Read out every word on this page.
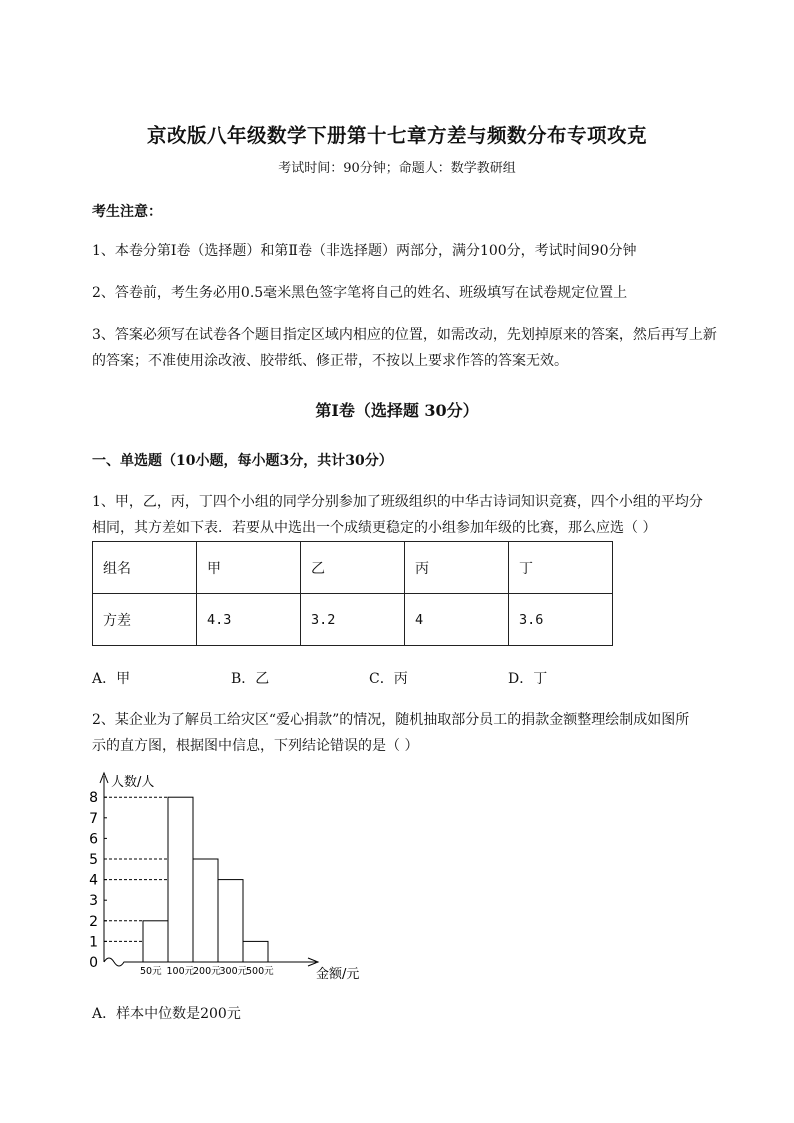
京改版八年级数学下册第十七章方差与频数分布专项攻克
考试时间：90分钟；命题人：数学教研组
考生注意：
1、本卷分第I卷（选择题）和第Ⅱ卷（非选择题）两部分，满分100分，考试时间90分钟
2、答卷前，考生务必用0.5毫米黑色签字笔将自己的姓名、班级填写在试卷规定位置上
3、答案必须写在试卷各个题目指定区域内相应的位置，如需改动，先划掉原来的答案，然后再写上新
的答案；不准使用涂改液、胶带纸、修正带，不按以上要求作答的答案无效。
第I卷（选择题 30分）
一、单选题（10小题，每小题3分，共计30分）
1、甲，乙，丙，丁四个小组的同学分别参加了班级组织的中华古诗词知识竞赛，四个小组的平均分
相同，其方差如下表．若要从中选出一个成绩更稳定的小组参加年级的比赛，那么应选（ ）
组名	甲	乙	丙	丁
方差	4.3	3.2	4	3.6
A．甲	B．乙	C．丙	D．丁
2、某企业为了解员工给灾区“爱心捐款”的情况，随机抽取部分员工的捐款金额整理绘制成如图所
示的直方图，根据图中信息，下列结论错误的是（ ）
0
1
2
3
4
5
6
7
8
人数/人
50元 100元
200元
300元
500元	金额/元
A．样本中位数是200元
